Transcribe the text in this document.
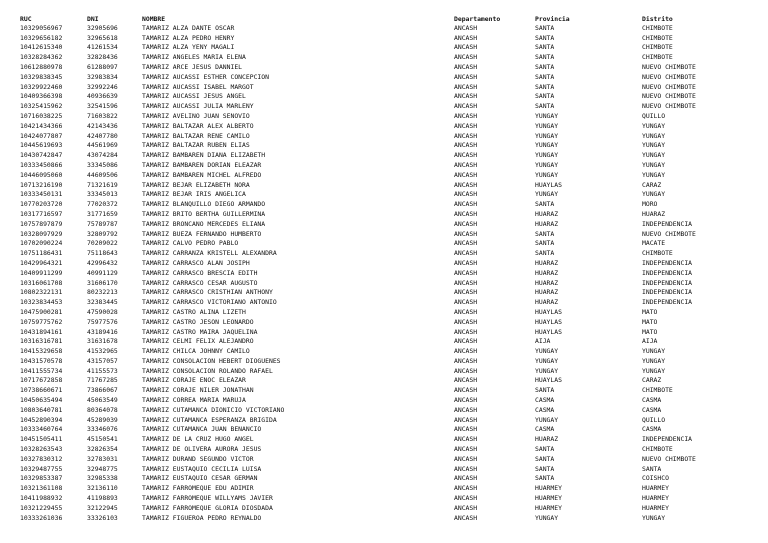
RUC	DNI	NOMBRE	Departamento	Provincia	Distrito
10329056967	32905696	TAMARIZ ALZA DANTE OSCAR	ANCASH	SANTA	CHIMBOTE
10329656182	32965618	TAMARIZ ALZA PEDRO HENRY	ANCASH	SANTA	CHIMBOTE
10412615340	41261534	TAMARIZ ALZA YENY MAGALI	ANCASH	SANTA	CHIMBOTE
10328284362	32828436	TAMARIZ ANGELES MARIA ELENA	ANCASH	SANTA	CHIMBOTE
10612880978	61288097	TAMARIZ ARCE JESUS DANNIEL	ANCASH	SANTA	NUEVO CHIMBOTE
10329838345	32983834	TAMARIZ AUCASSI ESTHER CONCEPCION	ANCASH	SANTA	NUEVO CHIMBOTE
10329922460	32992246	TAMARIZ AUCASSI ISABEL MARGOT	ANCASH	SANTA	NUEVO CHIMBOTE
10409366398	40936639	TAMARIZ AUCASSI JESUS ANGEL	ANCASH	SANTA	NUEVO CHIMBOTE
10325415962	32541596	TAMARIZ AUCASSI JULIA MARLENY	ANCASH	SANTA	NUEVO CHIMBOTE
10716038225	71603822	TAMARIZ AVELINO JUAN SENOVIO	ANCASH	YUNGAY	QUILLO
10421434366	42143436	TAMARIZ BALTAZAR ALEX ALBERTO	ANCASH	YUNGAY	YUNGAY
10424077807	42407780	TAMARIZ BALTAZAR RENE CAMILO	ANCASH	YUNGAY	YUNGAY
10445619693	44561969	TAMARIZ BALTAZAR RUBEN ELIAS	ANCASH	YUNGAY	YUNGAY
10430742847	43074284	TAMARIZ BAMBAREN DIANA ELIZABETH	ANCASH	YUNGAY	YUNGAY
10333450866	33345086	TAMARIZ BAMBAREN DORIAN ELEAZAR	ANCASH	YUNGAY	YUNGAY
10446095060	44609506	TAMARIZ BAMBAREN MICHEL ALFREDO	ANCASH	YUNGAY	YUNGAY
10713216190	71321619	TAMARIZ BEJAR ELIZABETH NORA	ANCASH	HUAYLAS	CARAZ
10333450131	33345013	TAMARIZ BEJAR IRIS ANGELICA	ANCASH	YUNGAY	YUNGAY
10770203720	77020372	TAMARIZ BLANQUILLO DIEGO ARMANDO	ANCASH	SANTA	MORO
10317716597	31771659	TAMARIZ BRITO BERTHA GUILLERMINA	ANCASH	HUARAZ	HUARAZ
10757897879	75789787	TAMARIZ BRONCANO MERCEDES ELIANA	ANCASH	HUARAZ	INDEPENDENCIA
10328097929	32809792	TAMARIZ BUEZA FERNANDO HUMBERTO	ANCASH	SANTA	NUEVO CHIMBOTE
10702090224	70209022	TAMARIZ CALVO PEDRO PABLO	ANCASH	SANTA	MACATE
10751186431	75118643	TAMARIZ CARRANZA KRISTELL ALEXANDRA	ANCASH	SANTA	CHIMBOTE
10429964321	42996432	TAMARIZ CARRASCO ALAN JOSIPH	ANCASH	HUARAZ	INDEPENDENCIA
10409911299	40991129	TAMARIZ CARRASCO BRESCIA EDITH	ANCASH	HUARAZ	INDEPENDENCIA
10316061708	31606170	TAMARIZ CARRASCO CESAR AUGUSTO	ANCASH	HUARAZ	INDEPENDENCIA
10802322131	80232213	TAMARIZ CARRASCO CRISTHIAN ANTHONY	ANCASH	HUARAZ	INDEPENDENCIA
10323834453	32383445	TAMARIZ CARRASCO VICTORIANO ANTONIO	ANCASH	HUARAZ	INDEPENDENCIA
10475900281	47590028	TAMARIZ CASTRO ALINA LIZETH	ANCASH	HUAYLAS	MATO
10759775762	75977576	TAMARIZ CASTRO JESON LEONARDO	ANCASH	HUAYLAS	MATO
10431894161	43189416	TAMARIZ CASTRO MAIRA JAQUELINA	ANCASH	HUAYLAS	MATO
10316316781	31631678	TAMARIZ CELMI FELIX ALEJANDRO	ANCASH	AIJA	AIJA
10415329658	41532965	TAMARIZ CHILCA JOHNNY CAMILO	ANCASH	YUNGAY	YUNGAY
10431570578	43157057	TAMARIZ CONSOLACION HEBERT DIOGUENES	ANCASH	YUNGAY	YUNGAY
10411555734	41155573	TAMARIZ CONSOLACION ROLANDO RAFAEL	ANCASH	YUNGAY	YUNGAY
10717672858	71767285	TAMARIZ CORAJE ENOC ELEAZAR	ANCASH	HUAYLAS	CARAZ
10738660671	73866067	TAMARIZ CORAJE NILER JONATHAN	ANCASH	SANTA	CHIMBOTE
10450635494	45063549	TAMARIZ CORREA MARIA MARUJA	ANCASH	CASMA	CASMA
10803640781	80364078	TAMARIZ CUTAMANCA DIONICIO VICTORIANO	ANCASH	CASMA	CASMA
10452890394	45289039	TAMARIZ CUTAMANCA ESPERANZA BRIGIDA	ANCASH	YUNGAY	QUILLO
10333460764	33346076	TAMARIZ CUTAMANCA JUAN BENANCIO	ANCASH	CASMA	CASMA
10451505411	45150541	TAMARIZ DE LA CRUZ HUGO ANGEL	ANCASH	HUARAZ	INDEPENDENCIA
10328263543	32826354	TAMARIZ DE OLIVERA AURORA JESUS	ANCASH	SANTA	CHIMBOTE
10327830312	32783031	TAMARIZ DURAND SEGUNDO VICTOR	ANCASH	SANTA	NUEVO CHIMBOTE
10329487755	32948775	TAMARIZ EUSTAQUIO CECILIA LUISA	ANCASH	SANTA	SANTA
10329853387	32985338	TAMARIZ EUSTAQUIO CESAR GERMAN	ANCASH	SANTA	COISHCO
10321361108	32136110	TAMARIZ FARROMEQUE EDU ADIMIR	ANCASH	HUARMEY	HUARMEY
10411988932	41198893	TAMARIZ FARROMEQUE WILLYAMS JAVIER	ANCASH	HUARMEY	HUARMEY
10321229455	32122945	TAMARIZ FARROMEQUE GLORIA DIOSDADA	ANCASH	HUARMEY	HUARMEY
10333261036	33326103	TAMARIZ FIGUEROA PEDRO REYNALDO	ANCASH	YUNGAY	YUNGAY
